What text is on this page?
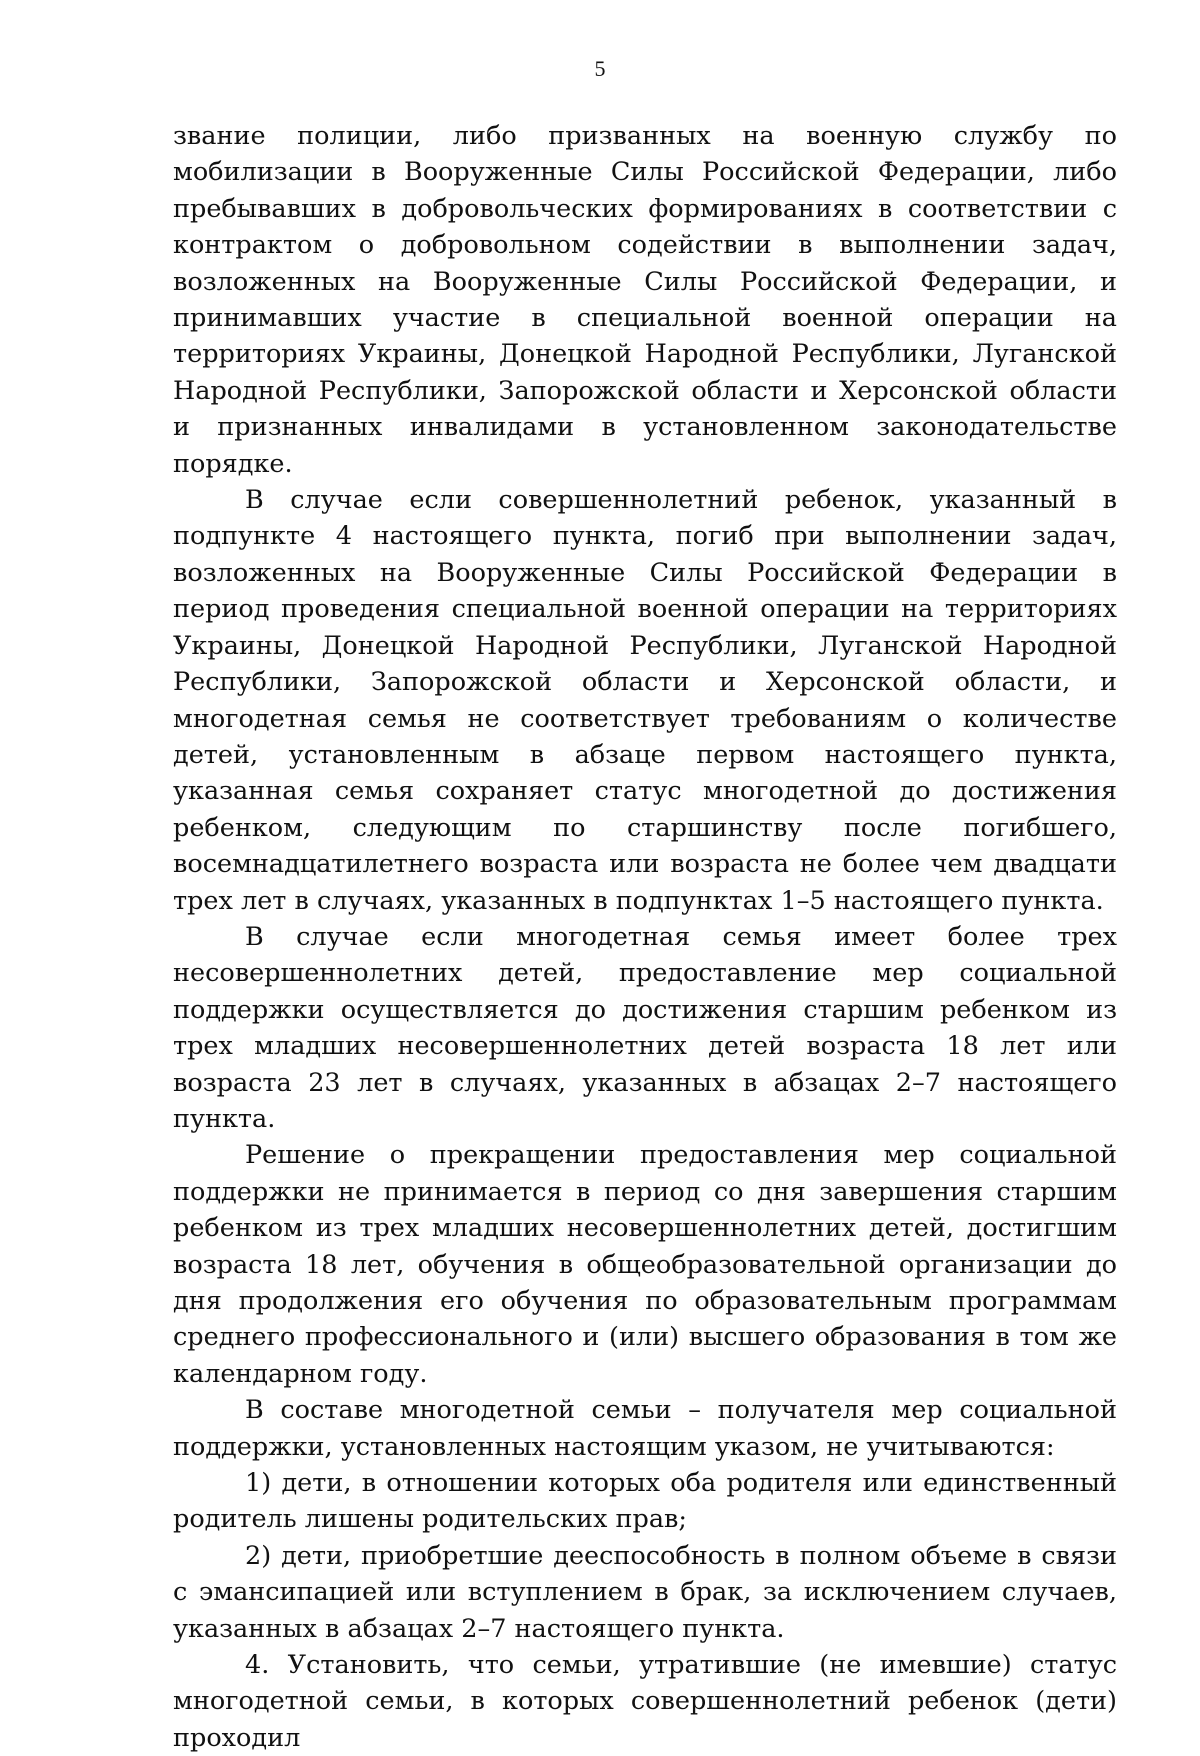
5

звание полиции, либо призванных на военную службу по мобилизации в Вооруженные Силы Российской Федерации, либо пребывавших в добровольческих формированиях в соответствии с контрактом о добровольном содействии в выполнении задач, возложенных на Вооруженные Силы Российской Федерации, и принимавших участие в специальной военной операции на территориях Украины, Донецкой Народной Республики, Луганской Народной Республики, Запорожской области и Херсонской области и признанных инвалидами в установленном законодательстве порядке.

В случае если совершеннолетний ребенок, указанный в подпункте 4 настоящего пункта, погиб при выполнении задач, возложенных на Вооруженные Силы Российской Федерации в период проведения специальной военной операции на территориях Украины, Донецкой Народной Республики, Луганской Народной Республики, Запорожской области и Херсонской области, и многодетная семья не соответствует требованиям о количестве детей, установленным в абзаце первом настоящего пункта, указанная семья сохраняет статус многодетной до достижения ребенком, следующим по старшинству после погибшего, восемнадцатилетнего возраста или возраста не более чем двадцати трех лет в случаях, указанных в подпунктах 1–5 настоящего пункта.

В случае если многодетная семья имеет более трех несовершеннолетних детей, предоставление мер социальной поддержки осуществляется до достижения старшим ребенком из трех младших несовершеннолетних детей возраста 18 лет или возраста 23 лет в случаях, указанных в абзацах 2–7 настоящего пункта.

Решение о прекращении предоставления мер социальной поддержки не принимается в период со дня завершения старшим ребенком из трех младших несовершеннолетних детей, достигшим возраста 18 лет, обучения в общеобразовательной организации до дня продолжения его обучения по образовательным программам среднего профессионального и (или) высшего образования в том же календарном году.

В составе многодетной семьи – получателя мер социальной поддержки, установленных настоящим указом, не учитываются:

1) дети, в отношении которых оба родителя или единственный родитель лишены родительских прав;

2) дети, приобретшие дееспособность в полном объеме в связи с эмансипацией или вступлением в брак, за исключением случаев, указанных в абзацах 2–7 настоящего пункта.

4. Установить, что семьи, утратившие (не имевшие) статус многодетной семьи, в которых совершеннолетний ребенок (дети) проходил
